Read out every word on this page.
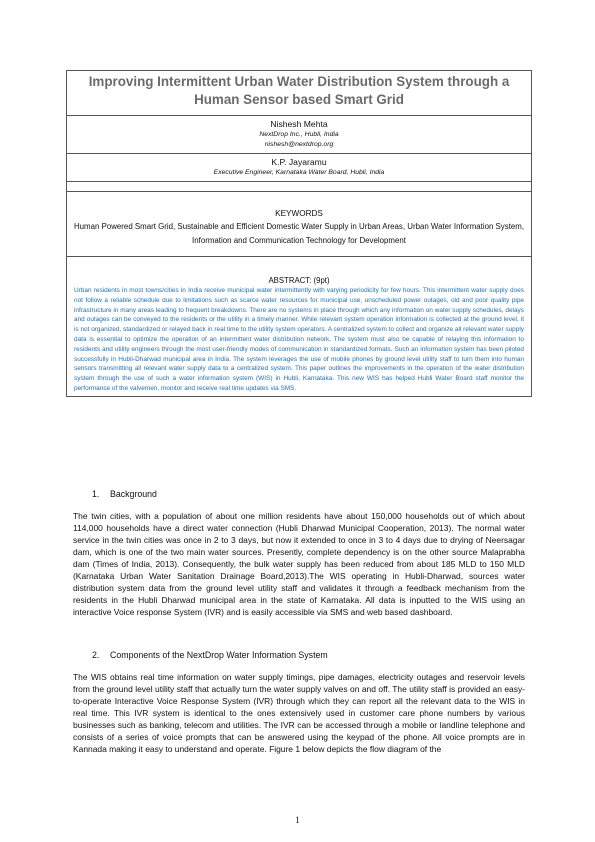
Improving Intermittent Urban Water Distribution System through a Human Sensor based Smart Grid
Nishesh Mehta
NextDrop Inc., Hubli, India
nishesh@nextdrop.org
K.P. Jayaramu
Executive Engineer, Karnataka Water Board, Hubli, India
KEYWORDS
Human Powered Smart Grid, Sustainable and Efficient Domestic Water Supply in Urban Areas, Urban Water Information System, Information and Communication Technology for Development
ABSTRACT: (9pt)
Urban residents in most towns/cities in India receive municipal water intermittently with varying periodicity for few hours. This intermittent water supply does not follow a reliable schedule due to limitations such as scarce water resources for municipal use, unscheduled power outages, old and poor quality pipe infrastructure in many areas leading to frequent breakdowns. There are no systems in place through which any information on water supply schedules, delays and outages can be conveyed to the residents or the utility in a timely manner. While relevant system operation information is collected at the ground level, it is not organized, standardized or relayed back in real time to the utility system operators. A centralized system to collect and organize all relevant water supply data is essential to optimize the operation of an intermittent water distribution network. The system must also be capable of relaying this information to residents and utility engineers through the most user-friendly modes of communication in standardized formats. Such an information system has been piloted successfully in Hubli-Dharwad municipal area in India. The system leverages the use of mobile phones by ground level utility staff to turn them into human sensors transmitting all relevant water supply data to a centralized system. This paper outlines the improvements in the operation of the water distribution system through the use of such a water information system (WIS) in Hubli, Karnataka. This new WIS has helped Hubli Water Board staff monitor the performance of the valvemen, monitor and receive real time updates via SMS.
1. Background

The twin cities, with a population of about one million residents have about 150,000 households out of which about 114,000 households have a direct water connection (Hubli Dharwad Municipal Cooperation, 2013). The normal water service in the twin cities was once in 2 to 3 days, but now it extended to once in 3 to 4 days due to drying of Neersagar dam, which is one of the two main water sources. Presently, complete dependency is on the other source Malaprabha dam (Times of India, 2013). Consequently, the bulk water supply has been reduced from about 185 MLD to 150 MLD (Karnataka Urban Water Sanitation Drainage Board,2013).The WIS operating in Hubli-Dharwad, sources water distribution system data from the ground level utility staff and validates it through a feedback mechanism from the residents in the Hubli Dharwad municipal area in the state of Karnataka. All data is inputted to the WIS using an interactive Voice response System (IVR) and is easily accessible via SMS and web based dashboard.

2. Components of the NextDrop Water Information System

The WIS obtains real time information on water supply timings, pipe damages, electricity outages and reservoir levels from the ground level utility staff that actually turn the water supply valves on and off. The utility staff is provided an easy-to-operate Interactive Voice Response System (IVR) through which they can report all the relevant data to the WIS in real time. This IVR system is identical to the ones extensively used in customer care phone numbers by various businesses such as banking, telecom and utilities. The IVR can be accessed through a mobile or landline telephone and consists of a series of voice prompts that can be answered using the keypad of the phone. All voice prompts are in Kannada making it easy to understand and operate. Figure 1 below depicts the flow diagram of the

1
